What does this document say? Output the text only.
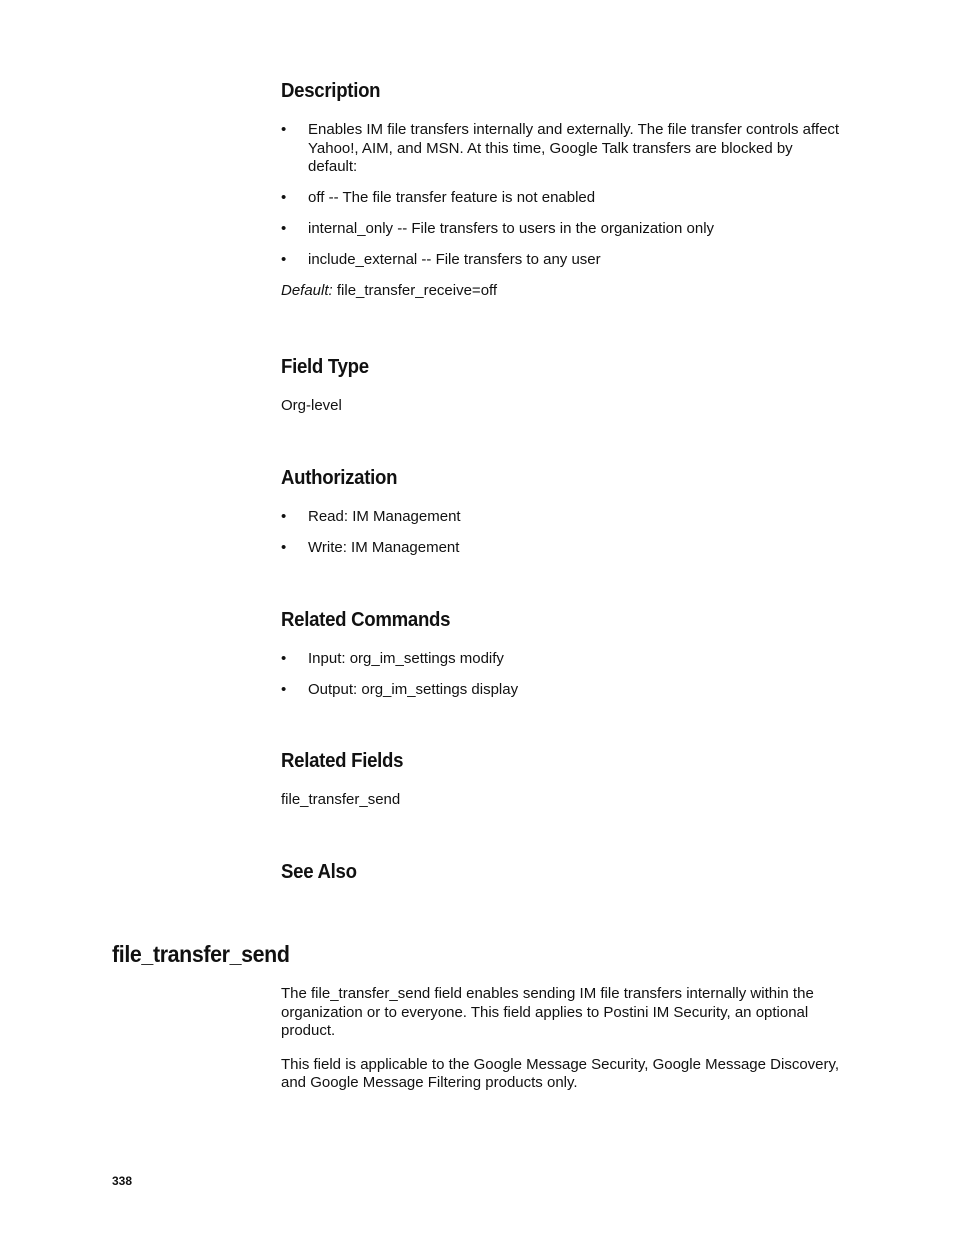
Description
•	Enables IM file transfers internally and externally. The file transfer controls affect Yahoo!, AIM, and MSN. At this time, Google Talk transfers are blocked by default:
•	off -- The file transfer feature is not enabled
•	internal_only -- File transfers to users in the organization only
•	include_external -- File transfers to any user

Default: file_transfer_receive=off

Field Type

Org-level

Authorization
•	Read: IM Management
•	Write: IM Management
Related Commands
•	Input: org_im_settings modify
•	Output: org_im_settings display
Related Fields

file_transfer_send

See Also
file_transfer_send

The file_transfer_send field enables sending IM file transfers internally within the organization or to everyone. This field applies to Postini IM Security, an optional product.

This field is applicable to the Google Message Security, Google Message Discovery, and Google Message Filtering products only.

338
